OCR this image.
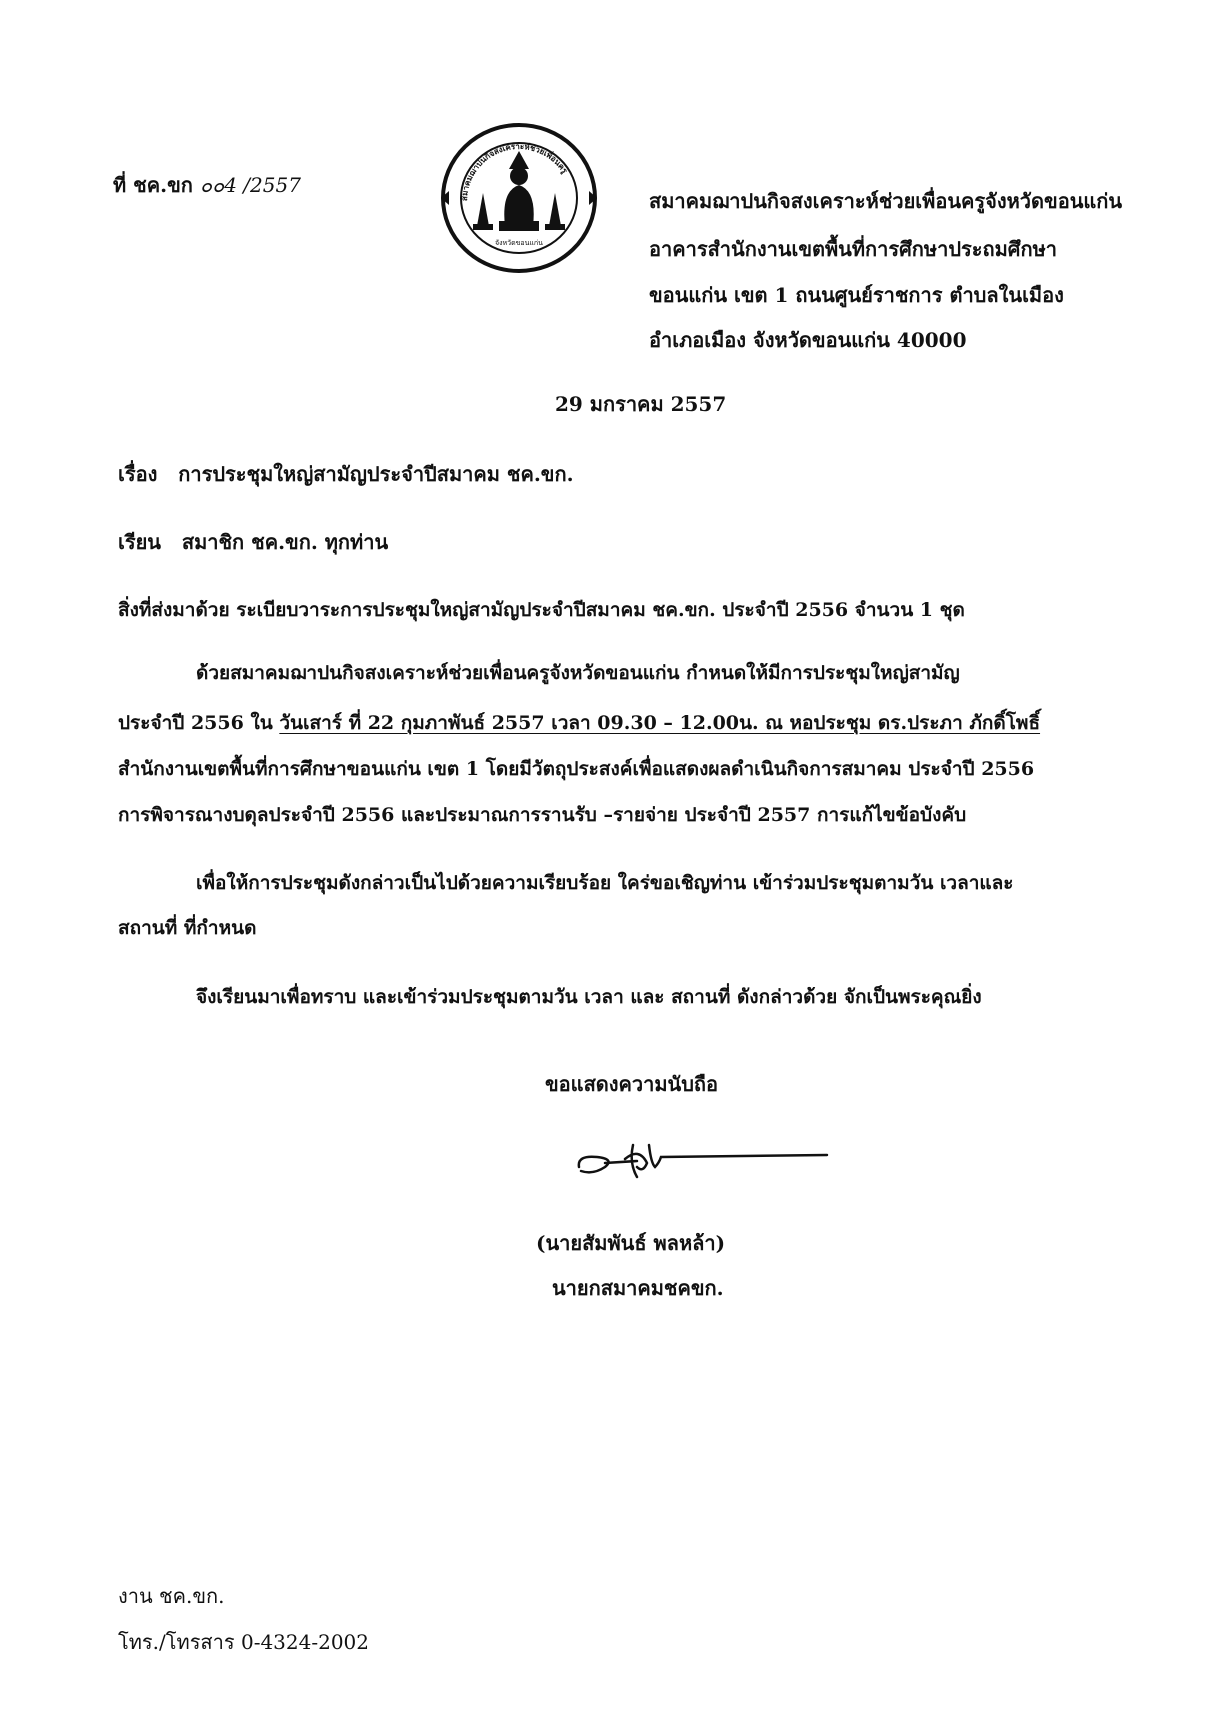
ที่ ชค.ขก ๐๐4 /2557
สมาคมฌาปนกิจสงเคราะห์ช่วยเพื่อนครู
จังหวัดขอนแก่น
สมาคมฌาปนกิจสงเคราะห์ช่วยเพื่อนครูจังหวัดขอนแก่น
อาคารสำนักงานเขตพื้นที่การศึกษาประถมศึกษา
ขอนแก่น เขต 1 ถนนศูนย์ราชการ ตำบลในเมือง
อำเภอเมือง จังหวัดขอนแก่น 40000
29 มกราคม 2557
เรื่อง การประชุมใหญ่สามัญประจำปีสมาคม ชค.ขก.
เรียน สมาชิก ชค.ขก. ทุกท่าน
สิ่งที่ส่งมาด้วย ระเบียบวาระการประชุมใหญ่สามัญประจำปีสมาคม ชค.ขก. ประจำปี 2556 จำนวน 1 ชุด
ด้วยสมาคมฌาปนกิจสงเคราะห์ช่วยเพื่อนครูจังหวัดขอนแก่น กำหนดให้มีการประชุมใหญ่สามัญ
ประจำปี 2556 ใน วันเสาร์ ที่ 22 กุมภาพันธ์ 2557 เวลา 09.30 – 12.00น. ณ หอประชุม ดร.ประภา ภักดิ์โพธิ์
สำนักงานเขตพื้นที่การศึกษาขอนแก่น เขต 1 โดยมีวัตถุประสงค์เพื่อแสดงผลดำเนินกิจการสมาคม ประจำปี 2556
การพิจารณางบดุลประจำปี 2556 และประมาณการรานรับ –รายจ่าย ประจำปี 2557 การแก้ไขข้อบังคับ
เพื่อให้การประชุมดังกล่าวเป็นไปด้วยความเรียบร้อย ใคร่ขอเชิญท่าน เข้าร่วมประชุมตามวัน เวลาและ
สถานที่ ที่กำหนด
จึงเรียนมาเพื่อทราบ และเข้าร่วมประชุมตามวัน เวลา และ สถานที่ ดังกล่าวด้วย จักเป็นพระคุณยิ่ง
ขอแสดงความนับถือ
(นายสัมพันธ์ พลหล้า)
นายกสมาคมชคขก.
งาน ชค.ขก.
โทร./โทรสาร 0-4324-2002
